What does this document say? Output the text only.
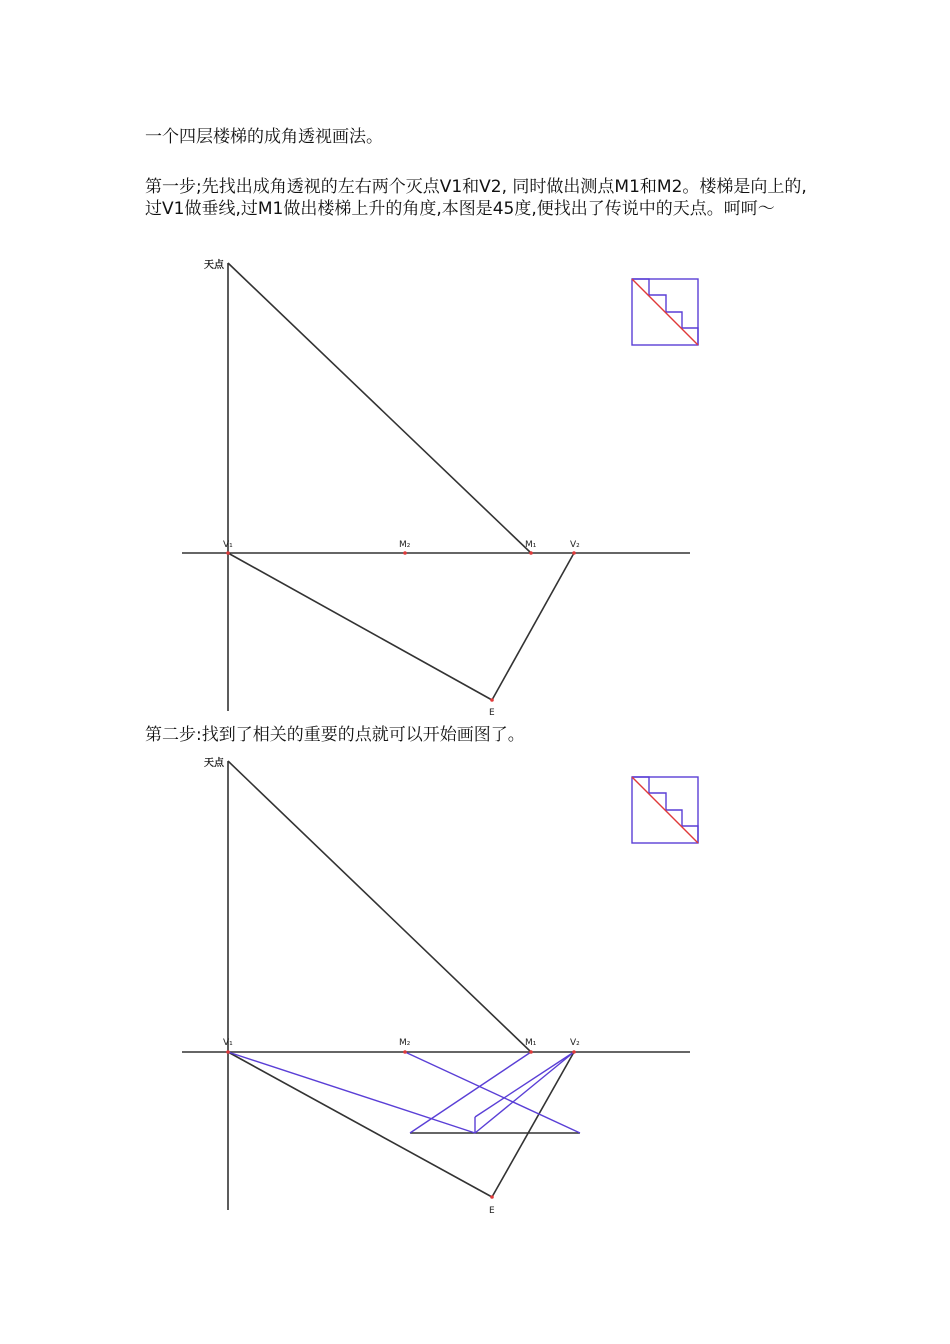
一个四层楼梯的成角透视画法。

第一步;先找出成角透视的左右两个灭点V1和V2, 同时做出测点M1和M2。楼梯是向上的,过V1做垂线,过M1做出楼梯上升的角度,本图是45度,便找出了传说中的天点。呵呵～

天点
V₁	M₂	M₁	V₂
E

第二步:找到了相关的重要的点就可以开始画图了。

天点
V₁	M₂	M₁	V₂
E
